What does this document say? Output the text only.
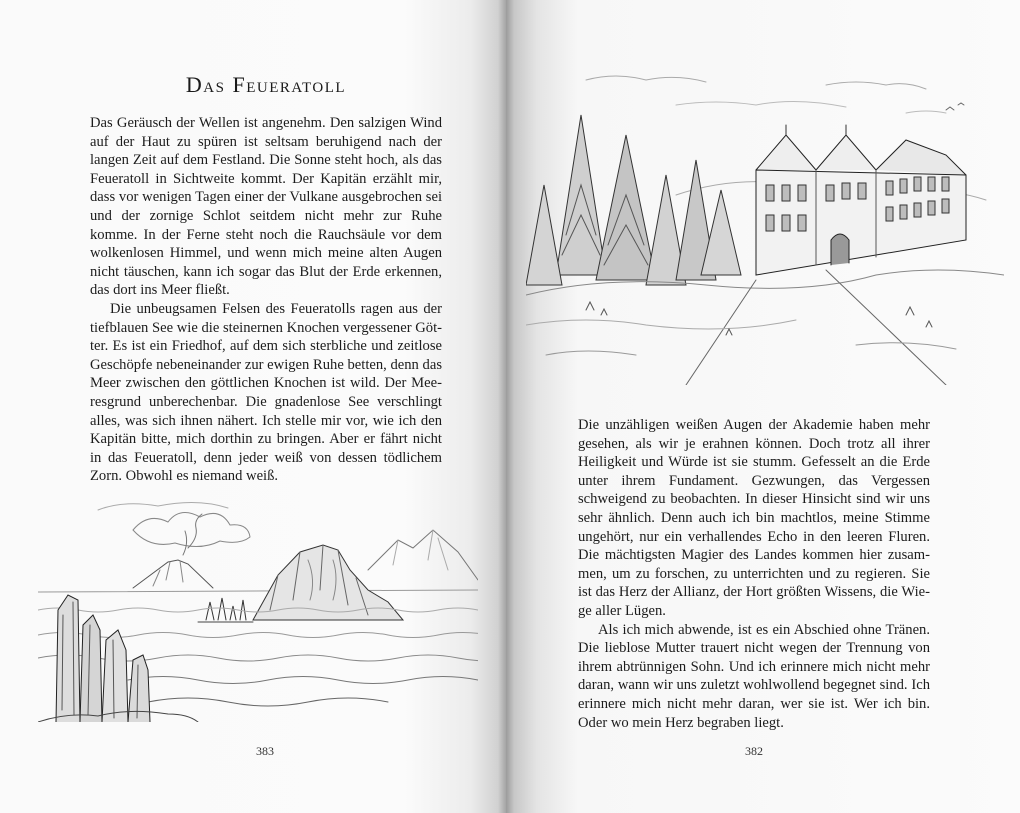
Das Feueratoll

Das Geräusch der Wellen ist angenehm. Den salzigen Wind auf der Haut zu spüren ist seltsam beruhigend nach der langen Zeit auf dem Festland. Die Sonne steht hoch, als das Feueratoll in Sichtweite kommt. Der Kapitän erzählt mir, dass vor wenigen Tagen einer der Vulkane ausgebrochen sei und der zornige Schlot seitdem nicht mehr zur Ruhe komme. In der Ferne steht noch die Rauchsäule vor dem wolkenlosen Himmel, und wenn mich meine alten Augen nicht täuschen, kann ich sogar das Blut der Erde erkennen, das dort ins Meer fließt.

Die unbeugsamen Felsen des Feueratolls ragen aus der tiefblauen See wie die steinernen Knochen vergessener Götter. Es ist ein Friedhof, auf dem sich sterbliche und zeitlose Geschöpfe nebeneinander zur ewigen Ruhe betten, denn das Meer zwischen den göttlichen Knochen ist wild. Der Meeresgrund unberechenbar. Die gnadenlose See verschlingt alles, was sich ihnen nähert. Ich stelle mir vor, wie ich den Kapitän bitte, mich dorthin zu bringen. Aber er fährt nicht in das Feueratoll, denn jeder weiß von dessen tödlichem Zorn. Obwohl es niemand weiß.

383

Die unzähligen weißen Augen der Akademie haben mehr gesehen, als wir je erahnen können. Doch trotz all ihrer Heiligkeit und Würde ist sie stumm. Gefesselt an die Erde unter ihrem Fundament. Gezwungen, das Vergessen schweigend zu beobachten. In dieser Hinsicht sind wir uns sehr ähnlich. Denn auch ich bin machtlos, meine Stimme ungehört, nur ein verhallendes Echo in den leeren Fluren. Die mächtigsten Magier des Landes kommen hier zusammen, um zu forschen, zu unterrichten und zu regieren. Sie ist das Herz der Allianz, der Hort größten Wissens, die Wiege aller Lügen.

Als ich mich abwende, ist es ein Abschied ohne Tränen. Die lieblose Mutter trauert nicht wegen der Trennung von ihrem abtrünnigen Sohn. Und ich erinnere mich nicht mehr daran, wann wir uns zuletzt wohlwollend begegnet sind. Ich erinnere mich nicht mehr daran, wer sie ist. Wer ich bin. Oder wo mein Herz begraben liegt.

382
